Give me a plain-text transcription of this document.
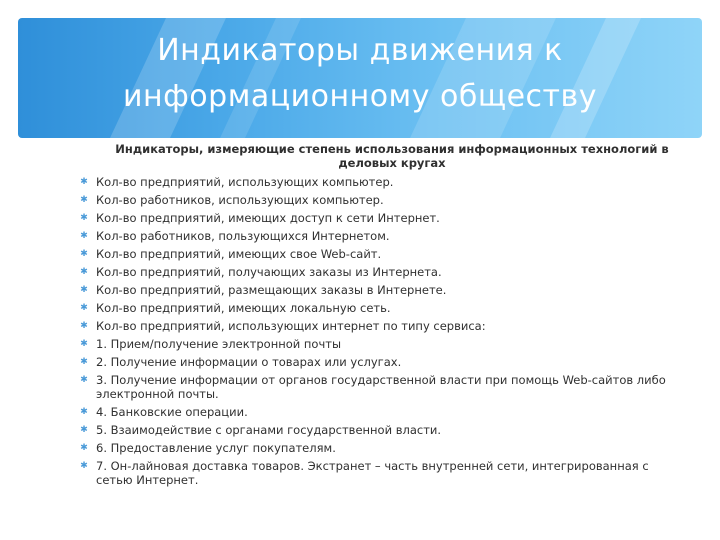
Индикаторы движения к
информационному обществу
Индикаторы, измеряющие степень использования информационных технологий в деловых кругах
✱ Кол-во предприятий, использующих компьютер.
✱ Кол-во работников, использующих компьютер.
✱ Кол-во предприятий, имеющих доступ к сети Интернет.
✱ Кол-во работников, пользующихся Интернетом.
✱ Кол-во предприятий, имеющих свое Web-сайт.
✱ Кол-во предприятий, получающих заказы из Интернета.
✱ Кол-во предприятий, размещающих заказы в Интернете.
✱ Кол-во предприятий, имеющих локальную сеть.
✱ Кол-во предприятий, использующих интернет по типу сервиса:
✱ 1. Прием/получение электронной почты
✱ 2. Получение информации о товарах или услугах.
✱ 3. Получение информации от органов государственной власти при помощь Web-сайтов либо электронной почты.
✱ 4. Банковские операции.
✱ 5. Взаимодействие с органами государственной власти.
✱ 6. Предоставление услуг покупателям.
✱ 7. Он-лайновая доставка товаров. Экстранет – часть внутренней сети, интегрированная с сетью Интернет.
